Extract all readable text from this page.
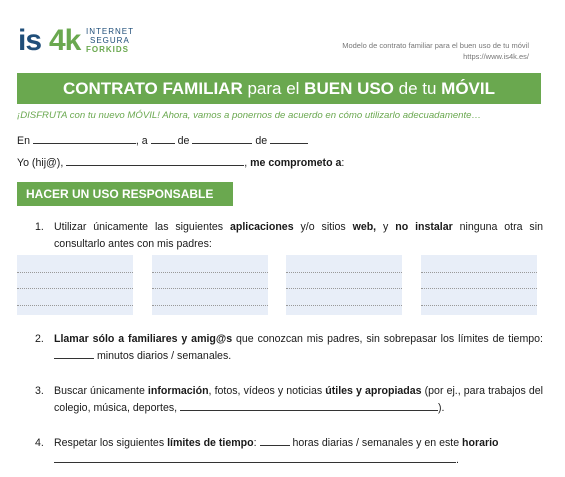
is 4k INTERNET
SEGURA
FORKIDS	Modelo de contrato familiar para el buen uso de tu móvil
https://www.is4k.es/
CONTRATO FAMILIAR para el BUEN USO de tu MÓVIL
¡DISFRUTA con tu nuevo MÓVIL! Ahora, vamos a ponernos de acuerdo en cómo utilizarlo adecuadamente…
En	, a	de	de
Yo (hij@),	, me comprometo a:
HACER UN USO RESPONSABLE
1. Utilizar únicamente las siguientes aplicaciones y/o sitios web, y no instalar ninguna otra sin consultarlo antes con mis padres:
2. Llamar sólo a familiares y amig@s que conozcan mis padres, sin sobrepasar los límites de tiempo:  minutos diarios / semanales.
3. Buscar únicamente información, fotos, vídeos y noticias útiles y apropiadas (por ej., para trabajos del colegio, música, deportes,	).
4. Respetar los siguientes límites de tiempo:	horas diarias / semanales y en este horario
.
